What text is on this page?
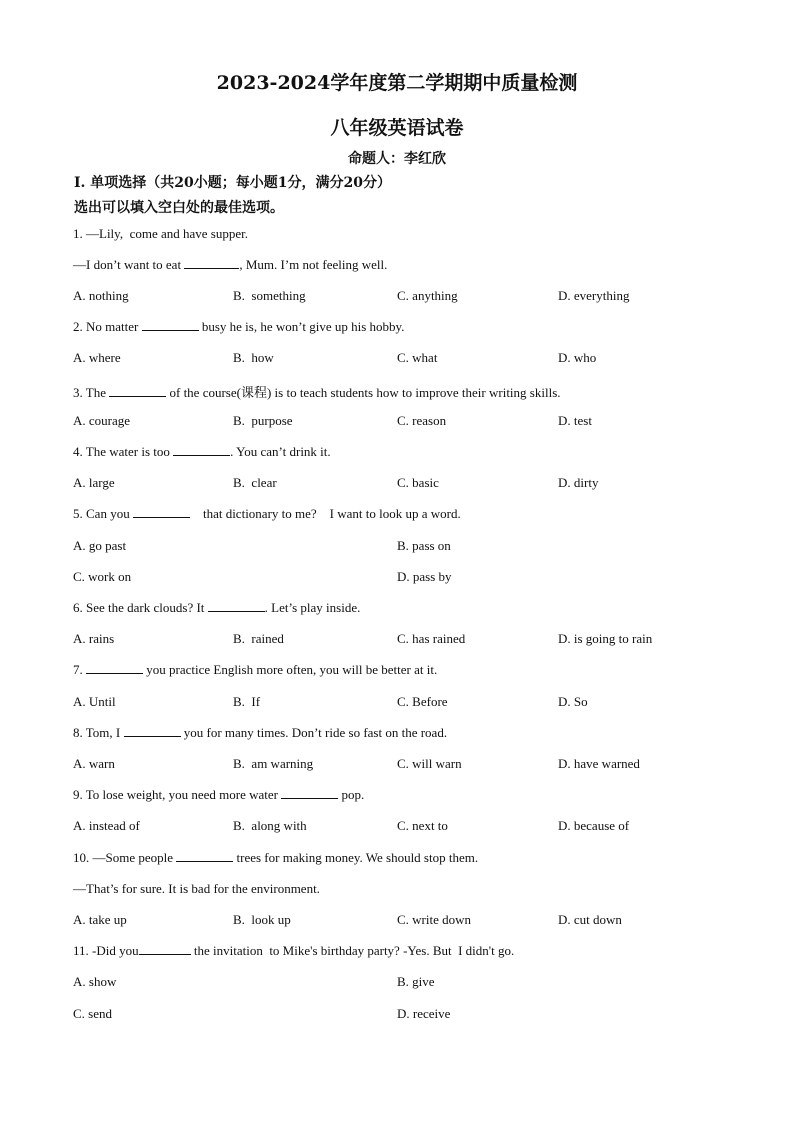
2023-2024学年度第二学期期中质量检测
八年级英语试卷
命题人：李红欣
Ⅰ. 单项选择（共20小题；每小题1分，满分20分）
选出可以填入空白处的最佳选项。
1. —Lily,  come and have supper.
—I don’t want to eat	, Mum. I’m not feeling well.
A. nothing	B.  something	C. anything	D. everything
2. No matter	busy he is, he won’t give up his hobby.
A. where	B.  how	C. what	D. who
3. The	of the course(课程) is to teach students how to improve their writing skills.
A. courage	B.  purpose	C. reason	D. test
4. The water is too	. You can’t drink it.
A. large	B.  clear	C. basic	D. dirty
5. Can you	that dictionary to me?    I want to look up a word.
A. go past	B. pass on
C. work on	D. pass by
6. See the dark clouds? It	. Let’s play inside.
A. rains	B.  rained	C. has rained	D. is going to rain
7.	you practice English more often, you will be better at it.
A. Until	B.  If	C. Before	D. So
8. Tom, I	you for many times. Don’t ride so fast on the road.
A. warn	B.  am warning	C. will warn	D. have warned
9. To lose weight, you need more water	pop.
A. instead of	B.  along with	C. next to	D. because of
10. —Some people	trees for making money. We should stop them.
—That’s for sure. It is bad for the environment.
A. take up	B.  look up	C. write down	D. cut down
11. -Did you	the invitation  to Mike's birthday party? -Yes. But  I didn't go.
A. show	B. give
C. send	D. receive
